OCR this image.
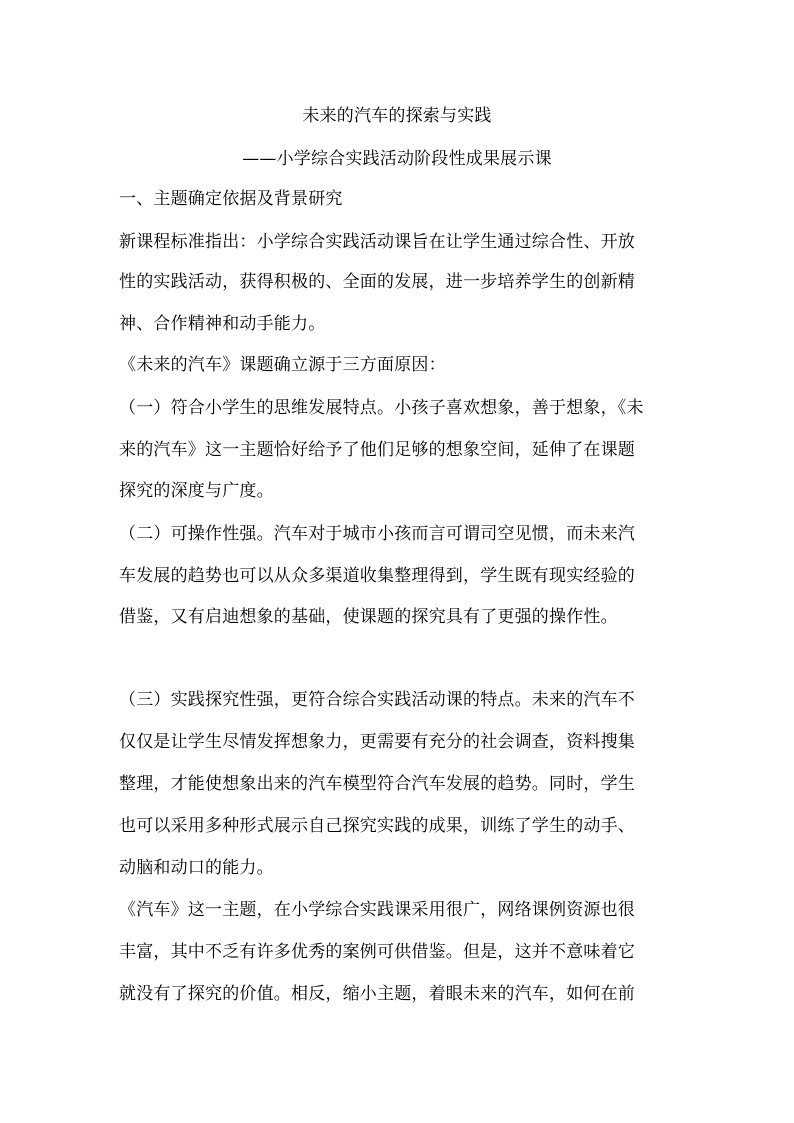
未来的汽车的探索与实践
——小学综合实践活动阶段性成果展示课
一、主题确定依据及背景研究
新课程标准指出：小学综合实践活动课旨在让学生通过综合性、开放
性的实践活动，获得积极的、全面的发展，进一步培养学生的创新精
神、合作精神和动手能力。
《未来的汽车》课题确立源于三方面原因：
（一）符合小学生的思维发展特点。小孩子喜欢想象，善于想象，《未
来的汽车》这一主题恰好给予了他们足够的想象空间，延伸了在课题
探究的深度与广度。
（二）可操作性强。汽车对于城市小孩而言可谓司空见惯，而未来汽
车发展的趋势也可以从众多渠道收集整理得到，学生既有现实经验的
借鉴，又有启迪想象的基础，使课题的探究具有了更强的操作性。
（三）实践探究性强，更符合综合实践活动课的特点。未来的汽车不
仅仅是让学生尽情发挥想象力，更需要有充分的社会调查，资料搜集
整理，才能使想象出来的汽车模型符合汽车发展的趋势。同时，学生
也可以采用多种形式展示自己探究实践的成果，训练了学生的动手、
动脑和动口的能力。
《汽车》这一主题，在小学综合实践课采用很广，网络课例资源也很
丰富，其中不乏有许多优秀的案例可供借鉴。但是，这并不意味着它
就没有了探究的价值。相反，缩小主题，着眼未来的汽车，如何在前
